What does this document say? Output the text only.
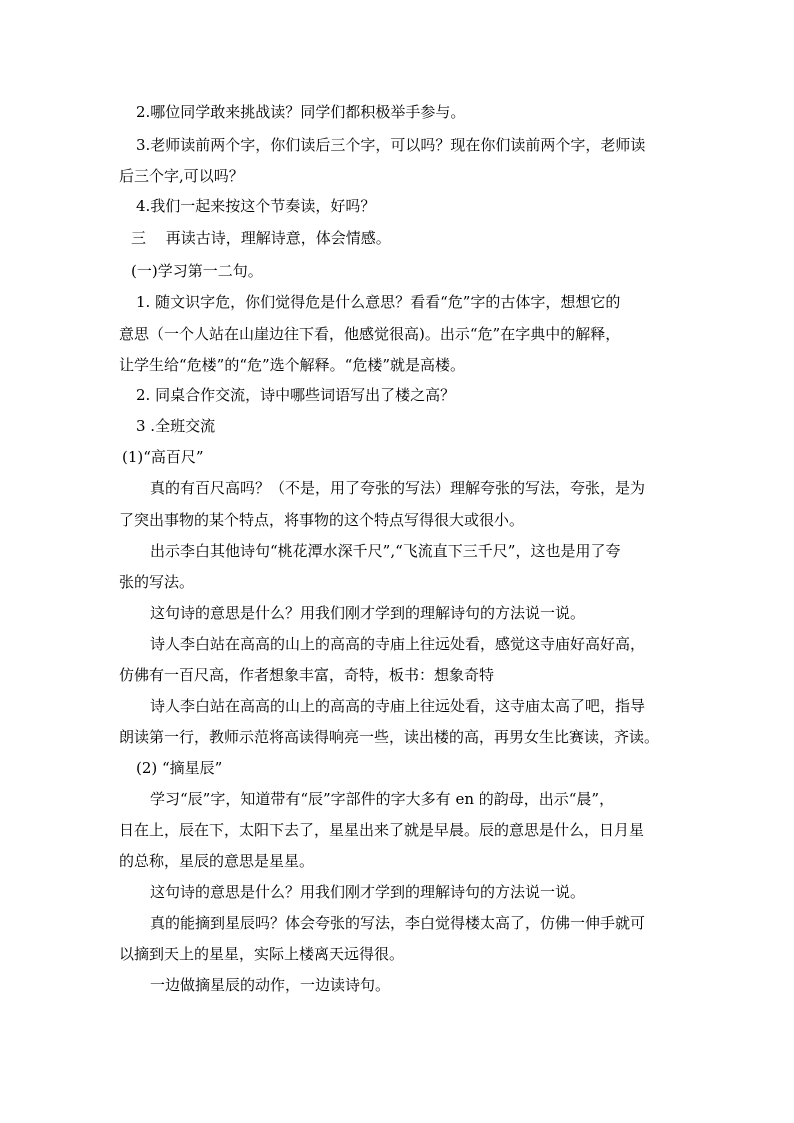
2.哪位同学敢来挑战读？同学们都积极举手参与。
3.老师读前两个字，你们读后三个字，可以吗？现在你们读前两个字，老师读
后三个字,可以吗？
4.我们一起来按这个节奏读，好吗？
三　 再读古诗，理解诗意，体会情感。
(一)学习第一二句。
1. 随文识字危，你们觉得危是什么意思？看看“危”字的古体字，想想它的
意思（一个人站在山崖边往下看，他感觉很高)。出示“危”在字典中的解释，
让学生给“危楼”的“危”选个解释。“危楼”就是高楼。
2. 同桌合作交流，诗中哪些词语写出了楼之高？
3 .全班交流
(1)“高百尺”
真的有百尺高吗？（不是，用了夸张的写法）理解夸张的写法，夸张，是为
了突出事物的某个特点，将事物的这个特点写得很大或很小。
出示李白其他诗句“桃花潭水深千尺”,“飞流直下三千尺”，这也是用了夸
张的写法。
这句诗的意思是什么？用我们刚才学到的理解诗句的方法说一说。
诗人李白站在高高的山上的高高的寺庙上往远处看，感觉这寺庙好高好高，
仿佛有一百尺高，作者想象丰富，奇特，板书：想象奇特
诗人李白站在高高的山上的高高的寺庙上往远处看，这寺庙太高了吧，指导
朗读第一行，教师示范将高读得响亮一些，读出楼的高，再男女生比赛读，齐读。
(2) “摘星辰”
学习“辰”字，知道带有“辰”字部件的字大多有 en 的韵母，出示“晨”，
日在上，辰在下，太阳下去了，星星出来了就是早晨。辰的意思是什么，日月星
的总称，星辰的意思是星星。
这句诗的意思是什么？用我们刚才学到的理解诗句的方法说一说。
真的能摘到星辰吗？体会夸张的写法，李白觉得楼太高了，仿佛一伸手就可
以摘到天上的星星，实际上楼离天远得很。
一边做摘星辰的动作，一边读诗句。
